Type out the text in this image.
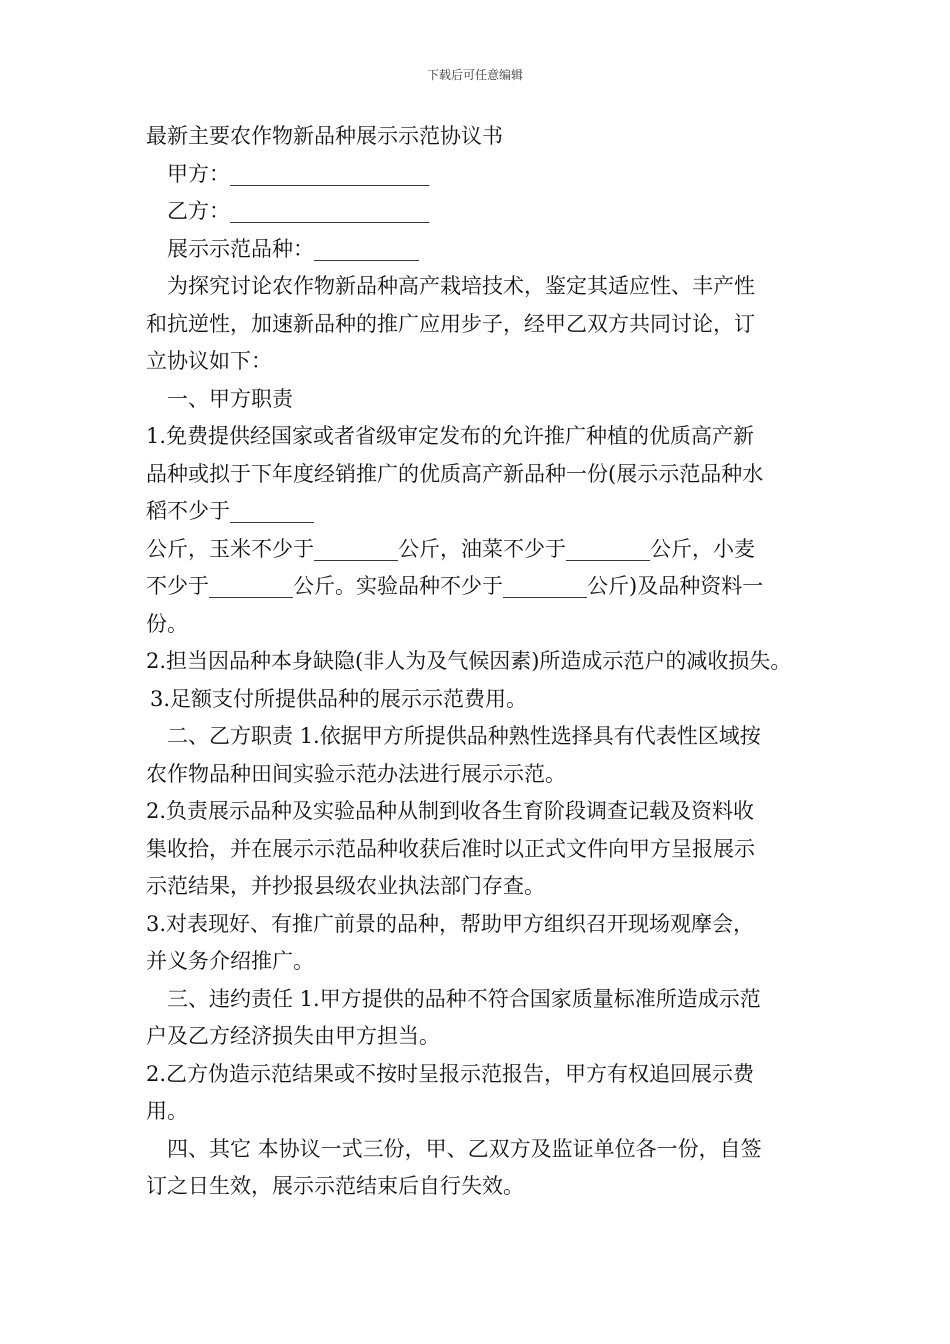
下载后可任意编辑

最新主要农作物新品种展示示范协议书

甲方：___________________

乙方：___________________

展示示范品种：__________

为探究讨论农作物新品种高产栽培技术，鉴定其适应性、丰产性

和抗逆性，加速新品种的推广应用步子，经甲乙双方共同讨论，订

立协议如下：

一、甲方职责

1.免费提供经国家或者省级审定发布的允许推广种植的优质高产新

品种或拟于下年度经销推广的优质高产新品种一份(展示示范品种水

稻不少于________

公斤，玉米不少于________公斤，油菜不少于________公斤，小麦

不少于________公斤。实验品种不少于________公斤)及品种资料一

份。

2.担当因品种本身缺隐(非人为及气候因素)所造成示范户的减收损失。

3.足额支付所提供品种的展示示范费用。

二、乙方职责 1.依据甲方所提供品种熟性选择具有代表性区域按

农作物品种田间实验示范办法进行展示示范。

2.负责展示品种及实验品种从制到收各生育阶段调查记载及资料收

集收拾，并在展示示范品种收获后准时以正式文件向甲方呈报展示

示范结果，并抄报县级农业执法部门存查。

3.对表现好、有推广前景的品种，帮助甲方组织召开现场观摩会，

并义务介绍推广。

三、违约责任 1.甲方提供的品种不符合国家质量标准所造成示范

户及乙方经济损失由甲方担当。

2.乙方伪造示范结果或不按时呈报示范报告，甲方有权追回展示费

用。

四、其它 本协议一式三份，甲、乙双方及监证单位各一份，自签

订之日生效，展示示范结束后自行失效。
